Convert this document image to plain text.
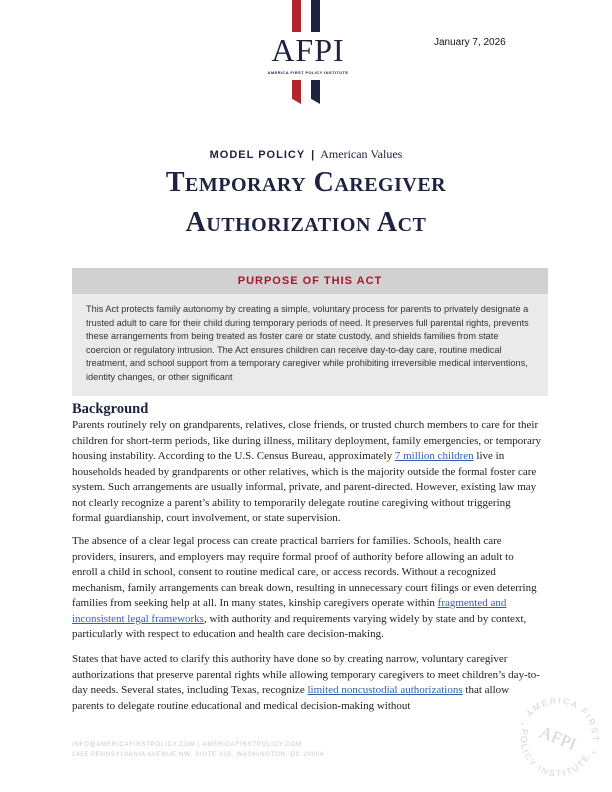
AFPI
AMERICA FIRST POLICY INSTITUTE
January 7, 2026
MODEL POLICY | American Values
Temporary Caregiver
Authorization Act
PURPOSE OF THIS ACT
This Act protects family autonomy by creating a simple, voluntary process for parents to privately designate a trusted adult to care for their child during temporary periods of need. It preserves full parental rights, prevents these arrangements from being treated as foster care or state custody, and shields families from state coercion or regulatory intrusion. The Act ensures children can receive day-to-day care, routine medical treatment, and school support from a temporary caregiver while prohibiting irreversible medical interventions, identity changes, or other significant
Background
Parents routinely rely on grandparents, relatives, close friends, or trusted church members to care for their children for short-term periods, like during illness, military deployment, family emergencies, or temporary housing instability. According to the U.S. Census Bureau, approximately 7 million children live in households headed by grandparents or other relatives, which is the majority outside the formal foster care system. Such arrangements are usually informal, private, and parent-directed. However, existing law may not clearly recognize a parent’s ability to temporarily delegate routine caregiving without triggering formal guardianship, court involvement, or state supervision.
The absence of a clear legal process can create practical barriers for families. Schools, health care providers, insurers, and employers may require formal proof of authority before allowing an adult to enroll a child in school, consent to routine medical care, or access records. Without a recognized mechanism, family arrangements can break down, resulting in unnecessary court filings or even deterring families from seeking help at all. In many states, kinship caregivers operate within fragmented and inconsistent legal frameworks, with authority and requirements varying widely by state and by context, particularly with respect to education and health care decision-making.
States that have acted to clarify this authority have done so by creating narrow, voluntary caregiver authorizations that preserve parental rights while allowing temporary caregivers to meet children’s day-to-day needs. Several states, including Texas, recognize limited noncustodial authorizations that allow parents to delegate routine educational and medical decision-making without
INFO@AMERICAFIRSTPOLICY.COM | AMERICAFIRSTPOLICY.COM
1455 PENNSYLVANIA AVENUE NW, SUITE 225, WASHINGTON, DC 20004
AMERICA FIRST
POLICY INSTITUTE
AFPI
